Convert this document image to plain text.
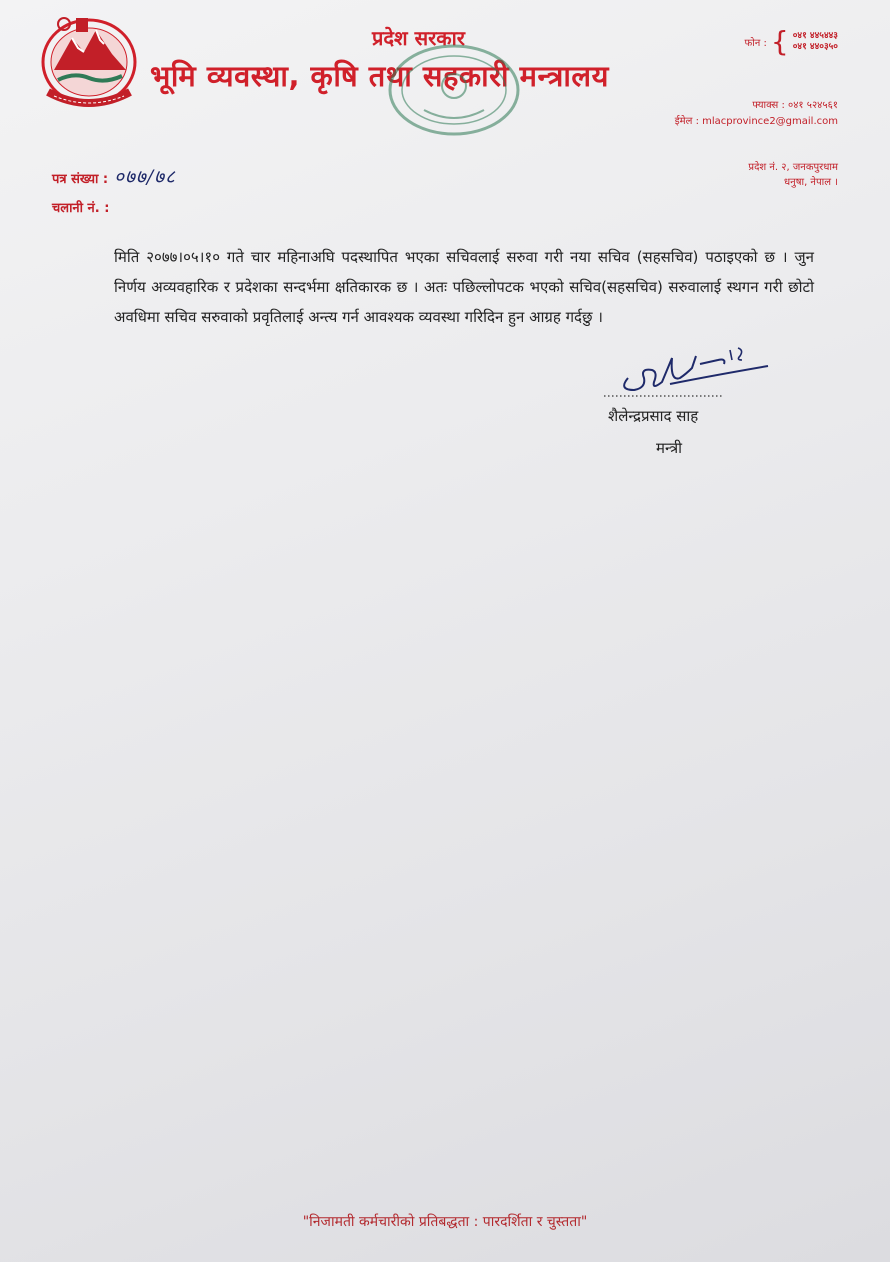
प्रदेश सरकार
भूमि व्यवस्था, कृषि तथा सहकारी मन्त्रालय
फोन : { ०४१ ४४५४४३
०४१ ४४०३५०
फ्याक्स : ०४१ ५२४५६१
ईमेल : mlacprovince2@gmail.com
प्रदेश नं. २, जनकपुरधाम
धनुषा, नेपाल ।
पत्र संख्या : ०७७/७८
चलानी नं. :
मिति २०७७।०५।१० गते चार महिनाअघि पदस्थापित भएका सचिवलाई सरुवा गरी नया सचिव (सहसचिव) पठाइएको छ । जुन निर्णय अव्यवहारिक र प्रदेशका सन्दर्भमा क्षतिकारक छ । अतः पछिल्लोपटक भएको सचिव(सहसचिव) सरुवालाई स्थगन गरी छोटो अवधिमा सचिव सरुवाको प्रवृतिलाई अन्त्य गर्न आवश्यक व्यवस्था गरिदिन हुन आग्रह गर्दछु ।
शैलेन्द्रप्रसाद साह
मन्त्री
"निजामती कर्मचारीको प्रतिबद्धता : पारदर्शिता र चुस्तता"
